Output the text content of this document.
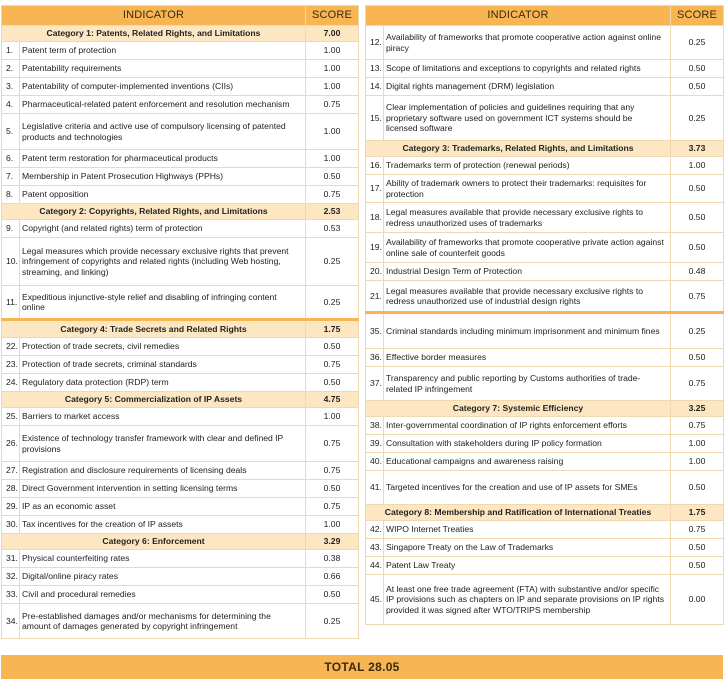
INDICATOR		SCORE
Category 1: Patents, Related Rights, and Limitations		7.00
1.	Patent term of protection	1.00
2.	Patentability requirements	1.00
3.	Patentability of computer-implemented inventions (CIIs)	1.00
4.	Pharmaceutical-related patent enforcement and resolution mechanism	0.75
5.	Legislative criteria and active use of compulsory licensing of patented products and technologies	1.00
6.	Patent term restoration for pharmaceutical products	1.00
7.	Membership in Patent Prosecution Highways (PPHs)	0.50
8.	Patent opposition	0.75
Category 2: Copyrights, Related Rights, and Limitations		2.53
9.	Copyright (and related rights) term of protection	0.53
10.	Legal measures which provide necessary exclusive rights that prevent infringement of copyrights and related rights (including Web hosting, streaming, and linking)	0.25
11.	Expeditious injunctive-style relief and disabling of infringing content online	0.25
Category 4: Trade Secrets and Related Rights		1.75
22.	Protection of trade secrets, civil remedies	0.50
23.	Protection of trade secrets, criminal standards	0.75
24.	Regulatory data protection (RDP) term	0.50
Category 5: Commercialization of IP Assets		4.75
25.	Barriers to market access	1.00
26.	Existence of technology transfer framework with clear and defined IP provisions	0.75
27.	Registration and disclosure requirements of licensing deals	0.75
28.	Direct Government intervention in setting licensing terms	0.50
29.	IP as an economic asset	0.75
30.	Tax incentives for the creation of IP assets	1.00
Category 6: Enforcement		3.29
31.	Physical counterfeiting rates	0.38
32.	Digital/online piracy rates	0.66
33.	Civil and procedural remedies	0.50
34.	Pre-established damages and/or mechanisms for determining the amount of damages generated by copyright infringement	0.25
INDICATOR		SCORE
12.	Availability of frameworks that promote cooperative action against online piracy	0.25
13.	Scope of limitations and exceptions to copyrights and related rights	0.50
14.	Digital rights management (DRM) legislation	0.50
15.	Clear implementation of policies and guidelines requiring that any proprietary software used on government ICT systems should be licensed software	0.25
Category 3: Trademarks, Related Rights, and Limitations		3.73
16.	Trademarks term of protection (renewal periods)	1.00
17.	Ability of trademark owners to protect their trademarks: requisites for protection	0.50
18.	Legal measures available that provide necessary exclusive rights to redress unauthorized uses of trademarks	0.50
19.	Availability of frameworks that promote cooperative private action against online sale of counterfeit goods	0.50
20.	Industrial Design Term of Protection	0.48
21.	Legal measures available that provide necessary exclusive rights to redress unauthorized use of industrial design rights	0.75
35.	Criminal standards including minimum imprisonment and minimum fines	0.25
36.	Effective border measures	0.50
37.	Transparency and public reporting by Customs authorities of trade-related IP infringement	0.75
Category 7: Systemic Efficiency		3.25
38.	Inter-governmental coordination of IP rights enforcement efforts	0.75
39.	Consultation with stakeholders during IP policy formation	1.00
40.	Educational campaigns and awareness raising	1.00
41.	Targeted incentives for the creation and use of IP assets for SMEs	0.50
Category 8: Membership and Ratification of International Treaties		1.75
42.	WIPO Internet Treaties	0.75
43.	Singapore Treaty on the Law of Trademarks	0.50
44.	Patent Law Treaty	0.50
45.	At least one free trade agreement (FTA) with substantive and/or specific IP provisions such as chapters on IP and separate provisions on IP rights provided it was signed after WTO/TRIPS membership	0.00
TOTAL 28.05
